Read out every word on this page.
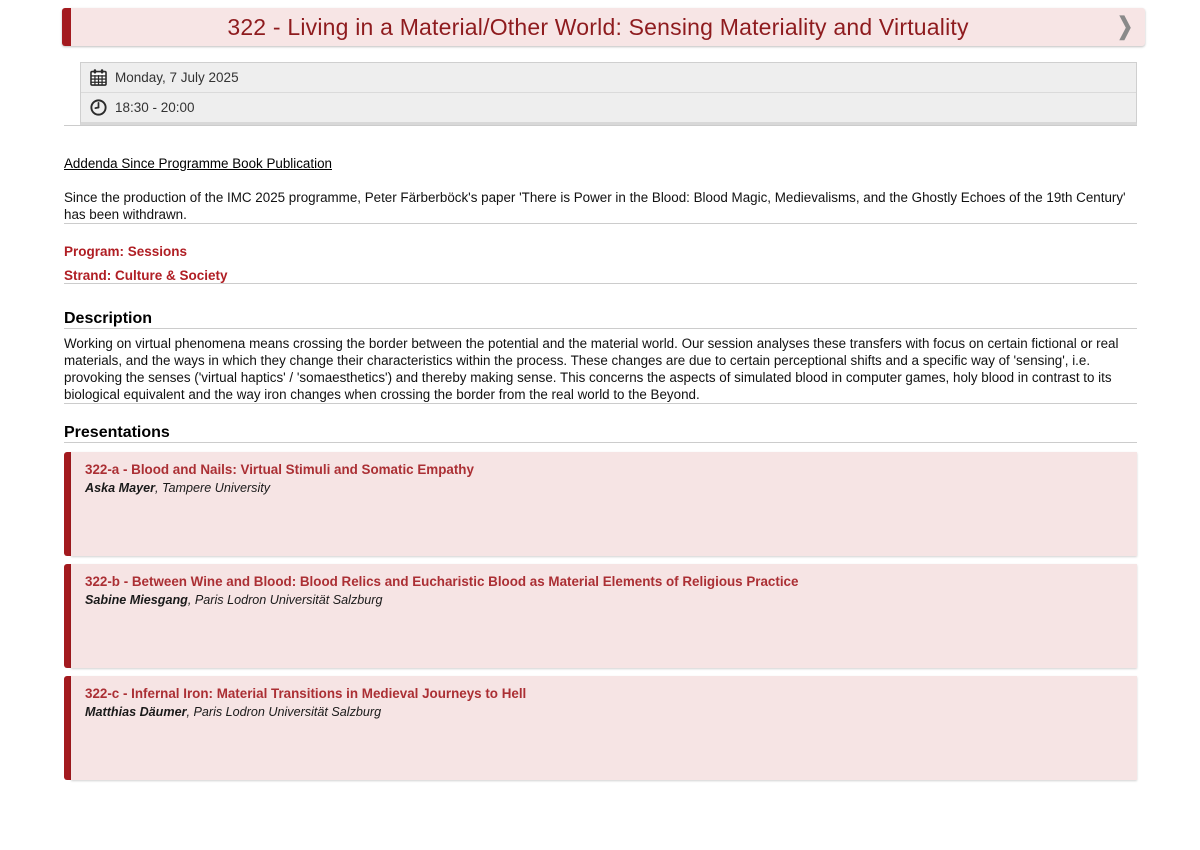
322 - Living in a Material/Other World: Sensing Materiality and Virtuality	❯
Monday, 7 July 2025
18:30 - 20:00
Addenda Since Programme Book Publication
Since the production of the IMC 2025 programme, Peter Färberböck's paper 'There is Power in the Blood: Blood Magic, Medievalisms, and the Ghostly Echoes of the 19th Century' has been withdrawn.
Program: Sessions
Strand: Culture & Society
Description
Working on virtual phenomena means crossing the border between the potential and the material world. Our session analyses these transfers with focus on certain fictional or real materials, and the ways in which they change their characteristics within the process. These changes are due to certain perceptional shifts and a specific way of 'sensing', i.e. provoking the senses ('virtual haptics' / 'somaesthetics') and thereby making sense. This concerns the aspects of simulated blood in computer games, holy blood in contrast to its biological equivalent and the way iron changes when crossing the border from the real world to the Beyond.
Presentations
322-a - Blood and Nails: Virtual Stimuli and Somatic Empathy
Aska Mayer, Tampere University
322-b - Between Wine and Blood: Blood Relics and Eucharistic Blood as Material Elements of Religious Practice
Sabine Miesgang, Paris Lodron Universität Salzburg
322-c - Infernal Iron: Material Transitions in Medieval Journeys to Hell
Matthias Däumer, Paris Lodron Universität Salzburg
